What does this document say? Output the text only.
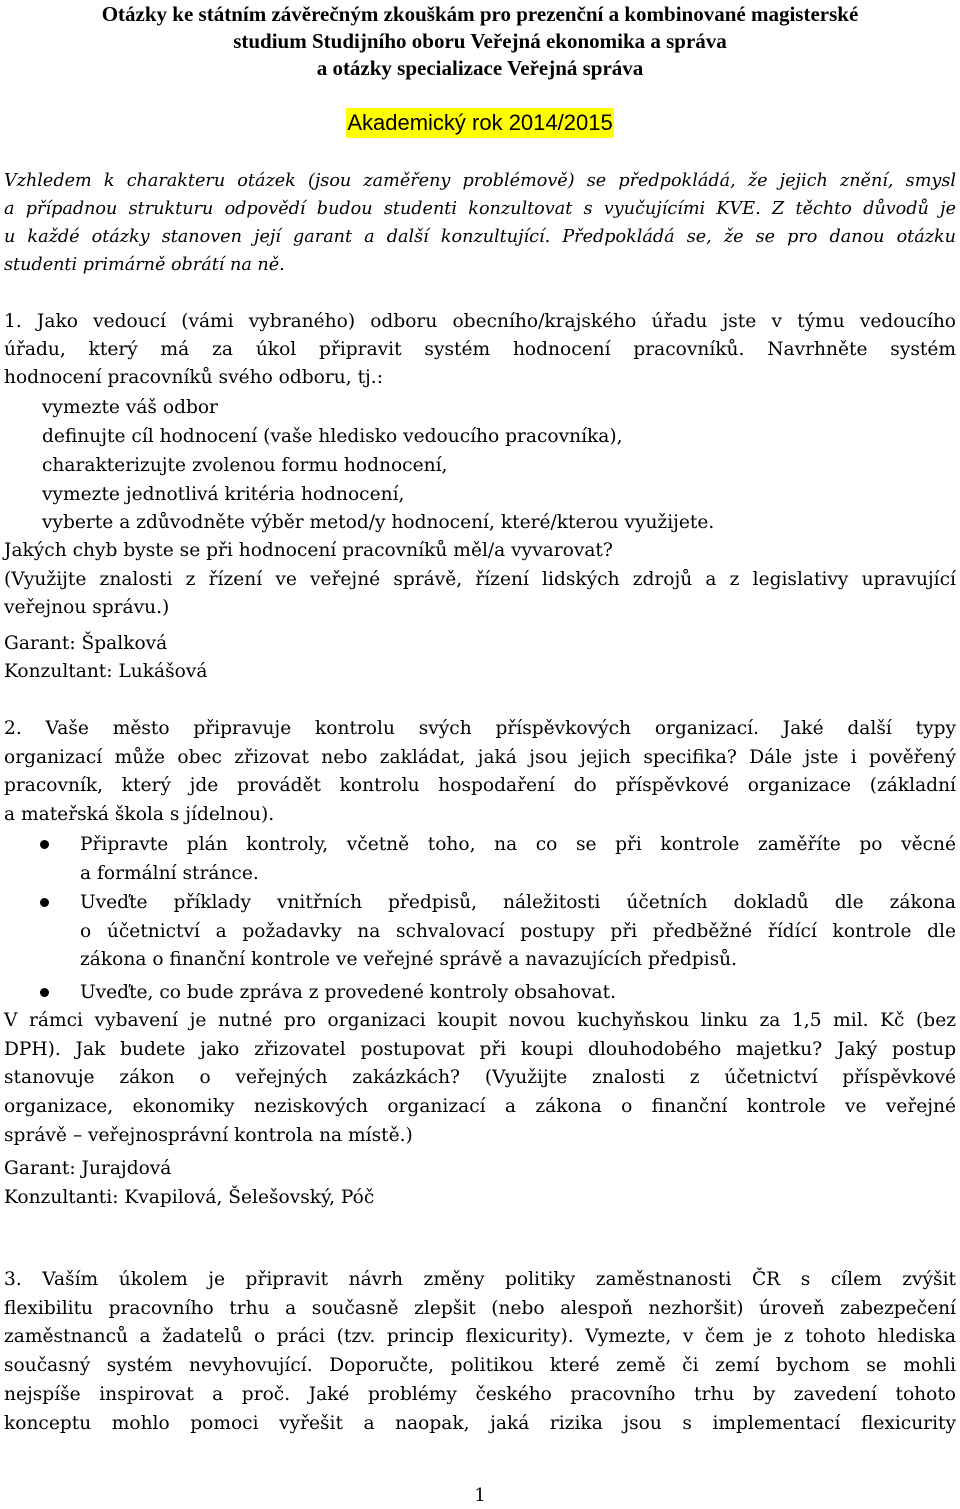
Otázky ke státním závěrečným zkouškám pro prezenční a kombinované magisterské
studium Studijního oboru Veřejná ekonomika a správa
a otázky specializace Veřejná správa
Akademický rok 2014/2015
Vzhledem k charakteru otázek (jsou zaměřeny problémově) se předpokládá, že jejich znění, smysl
a případnou strukturu odpovědí budou studenti konzultovat s vyučujícími KVE. Z těchto důvodů je
u každé otázky stanoven její garant a další konzultující. Předpokládá se, že se pro danou otázku
studenti primárně obrátí na ně.
1. Jako vedoucí (vámi vybraného) odboru obecního/krajského úřadu jste v týmu vedoucího
úřadu, který má za úkol připravit systém hodnocení pracovníků. Navrhněte systém
hodnocení pracovníků svého odboru, tj.:
vymezte váš odbor
definujte cíl hodnocení (vaše hledisko vedoucího pracovníka),
charakterizujte zvolenou formu hodnocení,
vymezte jednotlivá kritéria hodnocení,
vyberte a zdůvodněte výběr metod/y hodnocení, které/kterou využijete.
Jakých chyb byste se při hodnocení pracovníků měl/a vyvarovat?
(Využijte znalosti z řízení ve veřejné správě, řízení lidských zdrojů a z legislativy upravující
veřejnou správu.)
Garant: Špalková
Konzultant: Lukášová
2. Vaše město připravuje kontrolu svých příspěvkových organizací. Jaké další typy
organizací může obec zřizovat nebo zakládat, jaká jsou jejich specifika? Dále jste i pověřený
pracovník, který jde provádět kontrolu hospodaření do příspěvkové organizace (základní
a mateřská škola s jídelnou).
Připravte plán kontroly, včetně toho, na co se při kontrole zaměříte po věcné
a formální stránce.
Uveďte příklady vnitřních předpisů, náležitosti účetních dokladů dle zákona
o účetnictví a požadavky na schvalovací postupy při předběžné řídící kontrole dle
zákona o finanční kontrole ve veřejné správě a navazujících předpisů.
Uveďte, co bude zpráva z provedené kontroly obsahovat.
V rámci vybavení je nutné pro organizaci koupit novou kuchyňskou linku za 1,5 mil. Kč (bez
DPH). Jak budete jako zřizovatel postupovat při koupi dlouhodobého majetku? Jaký postup
stanovuje zákon o veřejných zakázkách? (Využijte znalosti z účetnictví příspěvkové
organizace, ekonomiky neziskových organizací a zákona o finanční kontrole ve veřejné
správě – veřejnosprávní kontrola na místě.)
Garant: Jurajdová
Konzultanti: Kvapilová, Šelešovský, Póč
3. Vaším úkolem je připravit návrh změny politiky zaměstnanosti ČR s cílem zvýšit
flexibilitu pracovního trhu a současně zlepšit (nebo alespoň nezhoršit) úroveň zabezpečení
zaměstnanců a žadatelů o práci (tzv. princip flexicurity). Vymezte, v čem je z tohoto hlediska
současný systém nevyhovující. Doporučte, politikou které země či zemí bychom se mohli
nejspíše inspirovat a proč. Jaké problémy českého pracovního trhu by zavedení tohoto
konceptu mohlo pomoci vyřešit a naopak, jaká rizika jsou s implementací flexicurity
1
